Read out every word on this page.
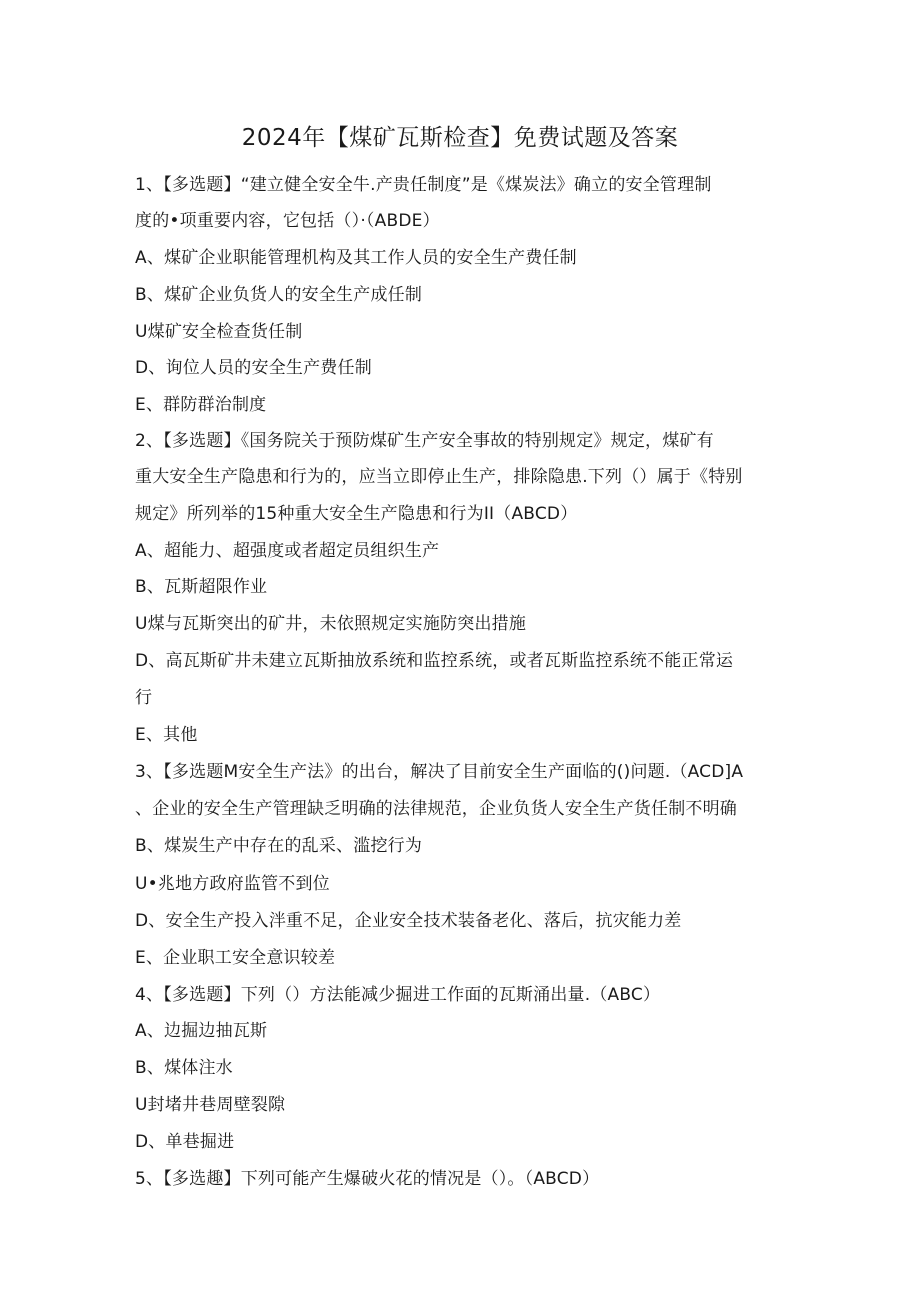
2024年【煤矿瓦斯检查】免费试题及答案
1、【多选题】“建立健全安全牛.产贵任制度”是《煤炭法》确立的安全管理制
度的•项重要内容，它包括（）·（ABDE）
A、煤矿企业职能管理机构及其工作人员的安全生产费任制
B、煤矿企业负货人的安全生产成任制
U煤矿安全检查货任制
D、询位人员的安全生产费任制
E、群防群治制度
2、【多选题】《国务院关于预防煤矿生产安全事故的特别规定》规定，煤矿有
重大安全生产隐患和行为的，应当立即停止生产，排除隐患.下列（）属于《特别
规定》所列举的15种重大安全生产隐患和行为II（ABCD）
A、超能力、超强度或者超定员组织生产
B、瓦斯超限作业
U煤与瓦斯突出的矿井，未依照规定实施防突出措施
D、高瓦斯矿井未建立瓦斯抽放系统和监控系统，或者瓦斯监控系统不能正常运
行
E、其他
3、【多选题M安全生产法》的出台，解决了目前安全生产面临的()问题.（ACD]A
、企业的安全生产管理缺乏明确的法律规范，企业负货人安全生产货任制不明确
B、煤炭生产中存在的乱采、滥挖行为
U•兆地方政府监管不到位
D、安全生产投入泮重不足，企业安全技术装备老化、落后，抗灾能力差
E、企业职工安全意识较差
4、【多选题】下列（）方法能减少掘进工作面的瓦斯涌出量.（ABC）
A、边掘边抽瓦斯
B、煤体注水
U封堵井巷周壁裂隙
D、单巷掘进
5、【多选趣】下列可能产生爆破火花的情况是（）。（ABCD）
